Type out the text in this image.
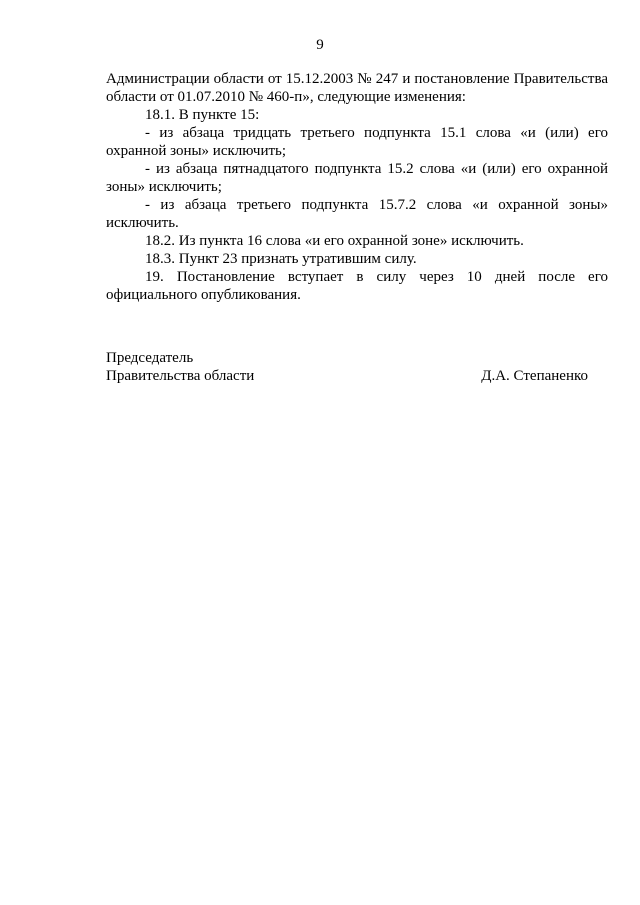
9

Администрации области от 15.12.2003 № 247 и постановление Правительства области от 01.07.2010 № 460-п», следующие изменения:

18.1. В пункте 15:

- из абзаца тридцать третьего подпункта 15.1 слова «и (или) его охранной зоны» исключить;

- из абзаца пятнадцатого подпункта 15.2 слова «и (или) его охранной зоны» исключить;

- из абзаца третьего подпункта 15.7.2 слова «и охранной зоны» исключить.

18.2. Из пункта 16 слова «и его охранной зоне» исключить.

18.3. Пункт 23 признать утратившим силу.

19. Постановление вступает в силу через 10 дней после его официального опубликования.

Председатель
Правительства области	Д.А. Степаненко
